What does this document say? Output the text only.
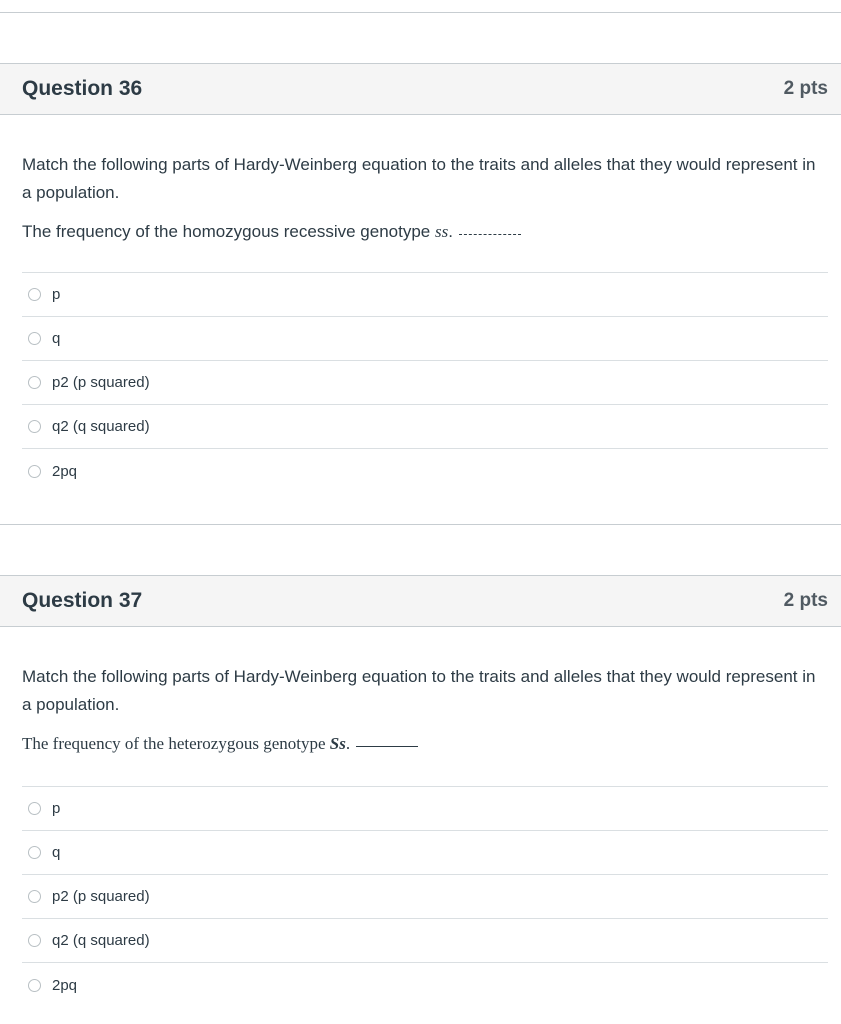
Question 36	2 pts
Match the following parts of Hardy-Weinberg equation to the traits and alleles that they would represent in a population.
The frequency of the homozygous recessive genotype ss.
p
q
p2 (p squared)
q2 (q squared)
2pq
Question 37	2 pts
Match the following parts of Hardy-Weinberg equation to the traits and alleles that they would represent in a population.
The frequency of the heterozygous genotype Ss.
p
q
p2 (p squared)
q2 (q squared)
2pq
